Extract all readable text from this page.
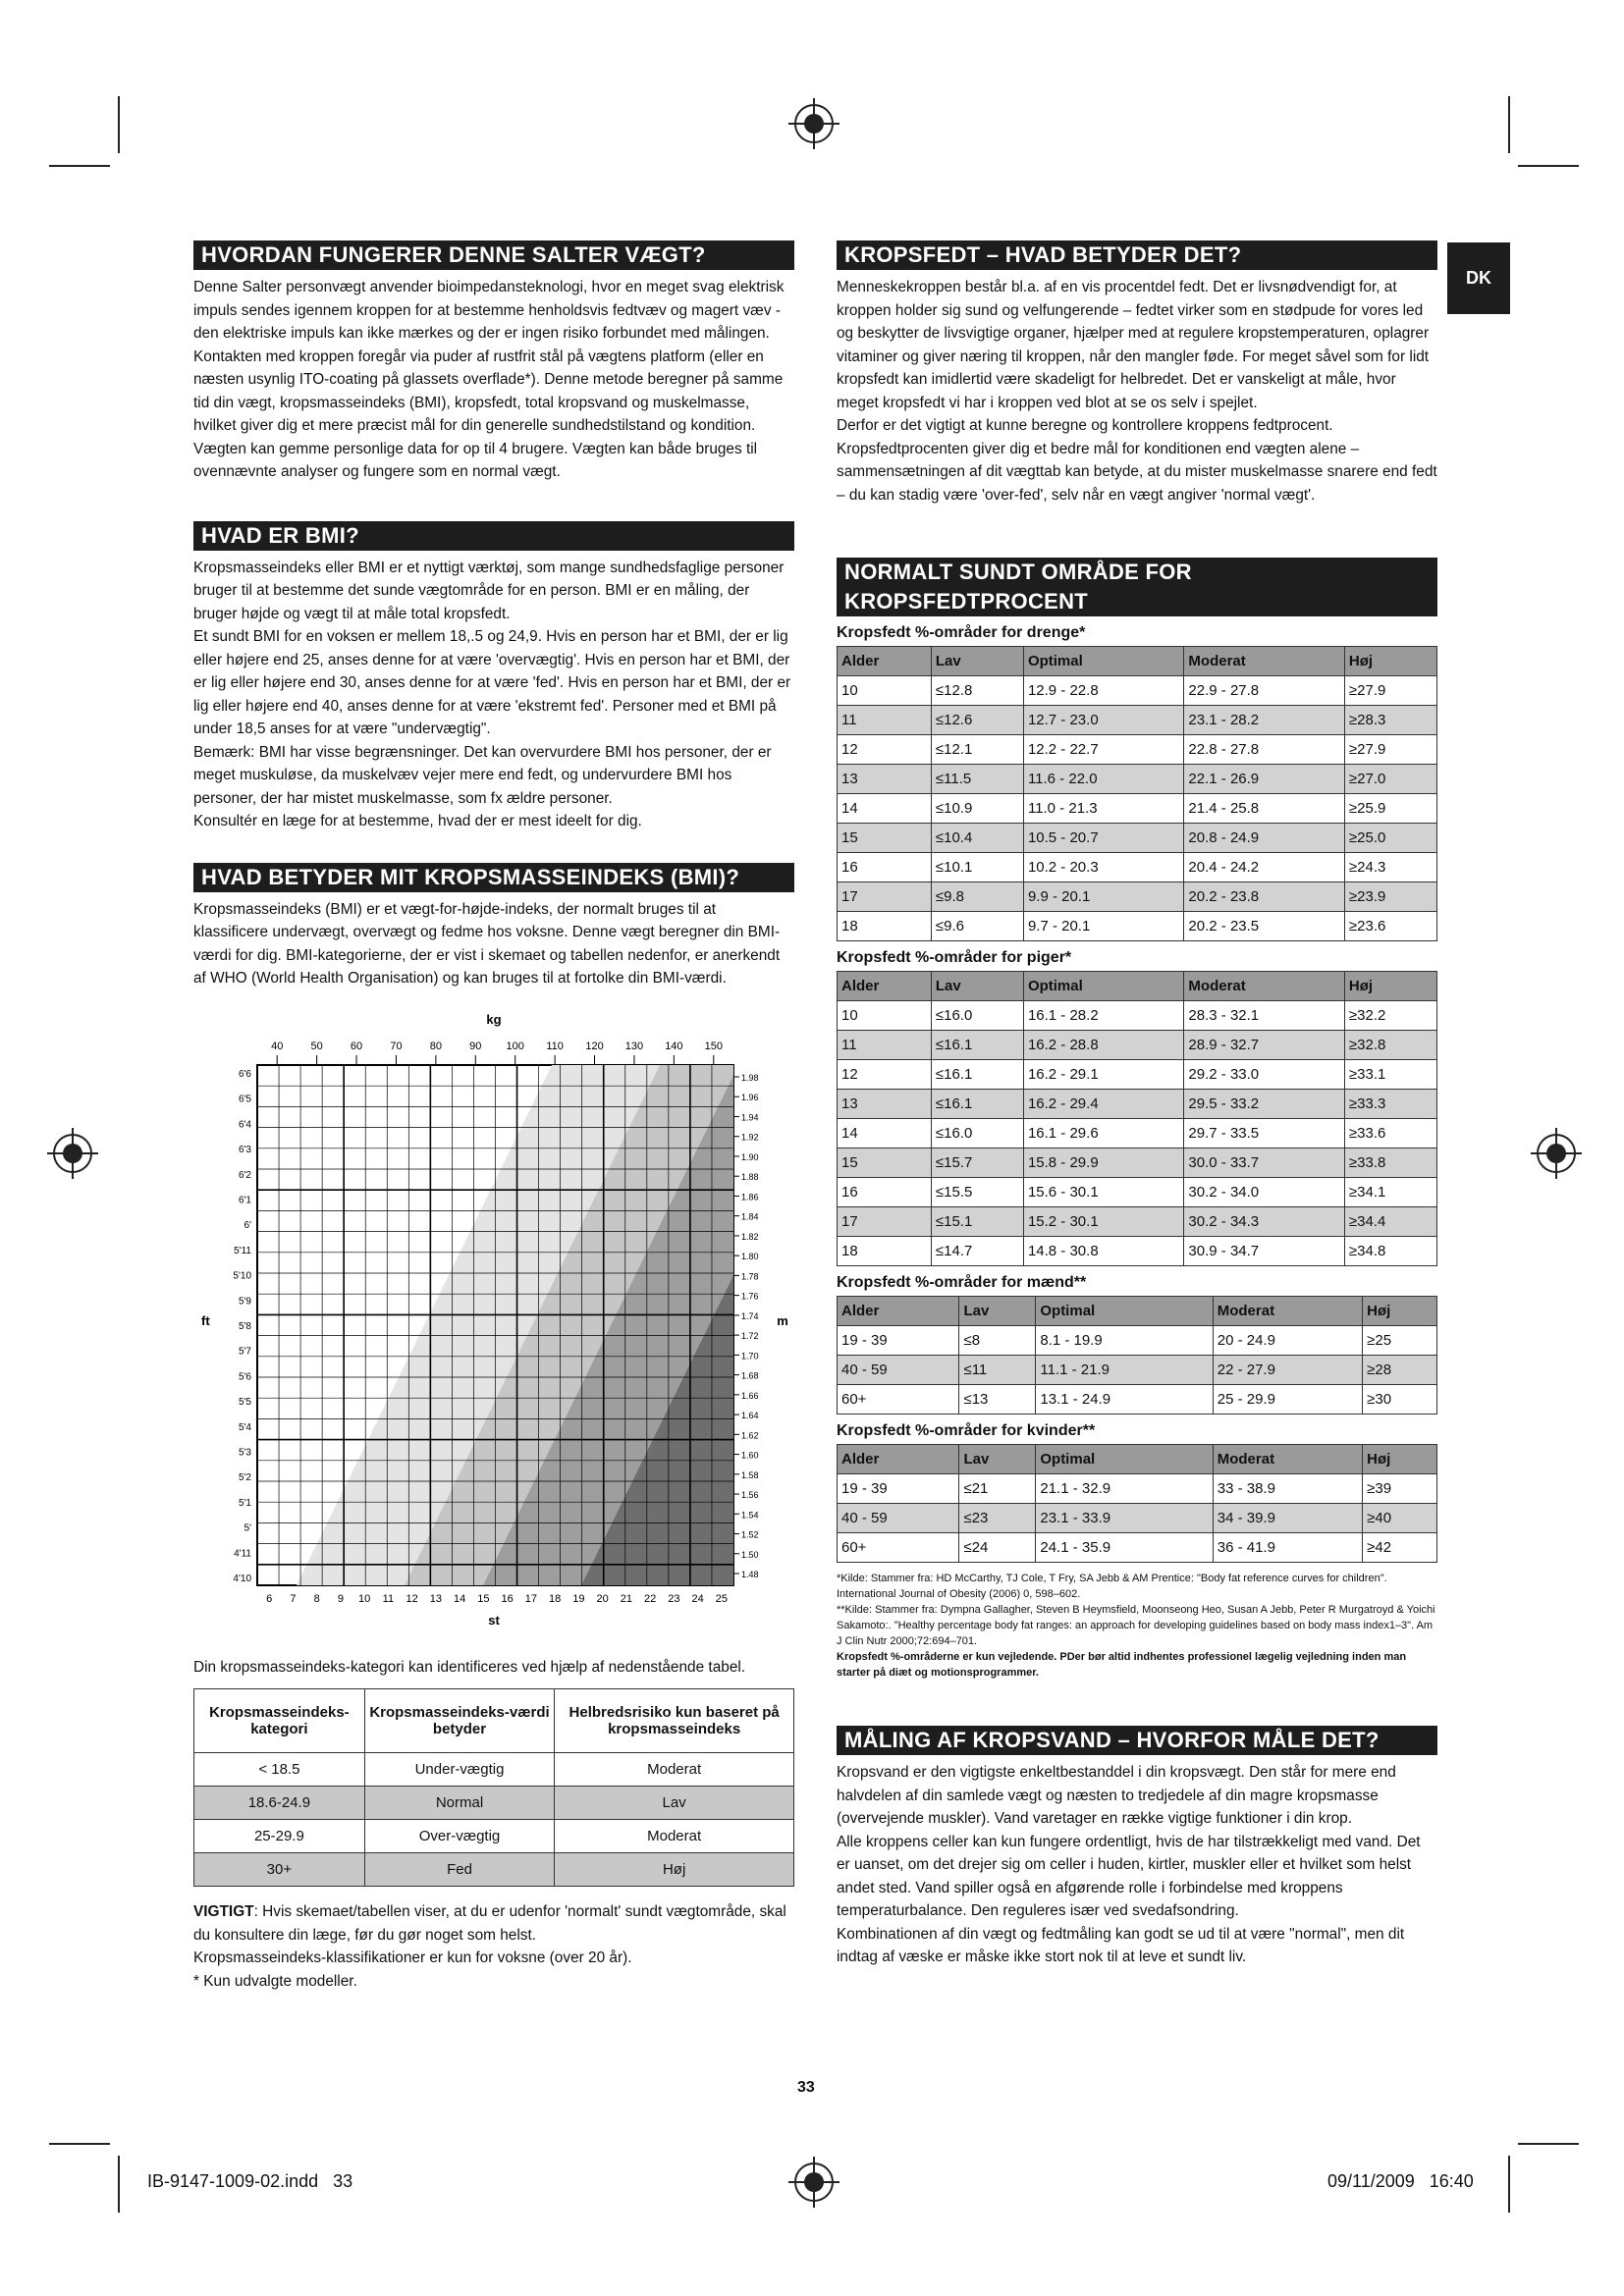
DK
HVORDAN FUNGERER DENNE SALTER VÆGT?

Denne Salter personvægt anvender bioimpedansteknologi, hvor en meget svag elektrisk impuls sendes igennem kroppen for at bestemme henholdsvis fedtvæv og magert væv - den elektriske impuls kan ikke mærkes og der er ingen risiko forbundet med målingen. Kontakten med kroppen foregår via puder af rustfrit stål på vægtens platform (eller en næsten usynlig ITO-coating på glassets overflade*). Denne metode beregner på samme tid din vægt, kropsmasseindeks (BMI), kropsfedt, total kropsvand og muskelmasse, hvilket giver dig et mere præcist mål for din generelle sundhedstilstand og kondition. Vægten kan gemme personlige data for op til 4 brugere. Vægten kan både bruges til ovennævnte analyser og fungere som en normal vægt.

HVAD ER BMI?

Kropsmasseindeks eller BMI er et nyttigt værktøj, som mange sundhedsfaglige personer bruger til at bestemme det sunde vægtområde for en person. BMI er en måling, der bruger højde og vægt til at måle total kropsfedt.

Et sundt BMI for en voksen er mellem 18,.5 og 24,9. Hvis en person har et BMI, der er lig eller højere end 25, anses denne for at være 'overvægtig'. Hvis en person har et BMI, der er lig eller højere end 30, anses denne for at være 'fed'. Hvis en person har et BMI, der er lig eller højere end 40, anses denne for at være 'ekstremt fed'. Personer med et BMI på under 18,5 anses for at være "undervægtig".

Bemærk: BMI har visse begrænsninger. Det kan overvurdere BMI hos personer, der er meget muskuløse, da muskelvæv vejer mere end fedt, og undervurdere BMI hos personer, der har mistet muskelmasse, som fx ældre personer.

Konsultér en læge for at bestemme, hvad der er mest ideelt for dig.

HVAD BETYDER MIT KROPSMASSEINDEKS (BMI)?

Kropsmasseindeks (BMI) er et vægt-for-højde-indeks, der normalt bruges til at klassificere undervægt, overvægt og fedme hos voksne. Denne vægt beregner din BMI-værdi for dig. BMI-kategorierne, der er vist i skemaet og tabellen nedenfor, er anerkendt af WHO (World Health Organisation) og kan bruges til at fortolke din BMI-værdi.

kg
40	50	60	70	80	90 100 110 120 130 140 150
6 7 8 9 10 11 12 13 14 15 16 17 18 19 20 21 22 23 24 25
st
6'6
6'5
6'4
6'3
6'2
6'1
6'
5'11
5'10
5'9
5'8
5'7
5'6
5'5
5'4
5'3
5'2
5'1
5'
4'11
4'10
ft
1.98
1.96
1.94
1.92
1.90
1.88
1.86
1.84
1.82
1.80
1.78
1.76
1.74
1.72
1.70
1.68
1.66
1.64
1.62
1.60
1.58
1.56
1.54
1.52
1.50
1.48
m

Din kropsmasseindeks-kategori kan identificeres ved hjælp af nedenstående tabel.

Kropsmasseindeks-kategori	Kropsmasseindeks-værdi betyder	Helbredsrisiko kun baseret på kropsmasseindeks
< 18.5	Under-vægtig	Moderat
18.6-24.9	Normal	Lav
25-29.9	Over-vægtig	Moderat
30+	Fed	Høj

VIGTIGT: Hvis skemaet/tabellen viser, at du er udenfor 'normalt' sundt vægtområde, skal du konsultere din læge, før du gør noget som helst.

Kropsmasseindeks-klassifikationer er kun for voksne (over 20 år).

* Kun udvalgte modeller.

KROPSFEDT – HVAD BETYDER DET?

Menneskekroppen består bl.a. af en vis procentdel fedt. Det er livsnødvendigt for, at kroppen holder sig sund og velfungerende – fedtet virker som en stødpude for vores led og beskytter de livsvigtige organer, hjælper med at regulere kropstemperaturen, oplagrer vitaminer og giver næring til kroppen, når den mangler føde. For meget såvel som for lidt kropsfedt kan imidlertid være skadeligt for helbredet. Det er vanskeligt at måle, hvor meget kropsfedt vi har i kroppen ved blot at se os selv i spejlet.

Derfor er det vigtigt at kunne beregne og kontrollere kroppens fedtprocent. Kropsfedtprocenten giver dig et bedre mål for konditionen end vægten alene – sammensætningen af dit vægttab kan betyde, at du mister muskelmasse snarere end fedt – du kan stadig være 'over-fed', selv når en vægt angiver 'normal vægt'.

NORMALT SUNDT OMRÅDE FOR KROPSFEDTPROCENT
Kropsfedt %-områder for drenge*
Alder	Lav	Optimal	Moderat	Høj
10	≤12.8	12.9 - 22.8	22.9 - 27.8	≥27.9
11	≤12.6	12.7 - 23.0	23.1 - 28.2	≥28.3
12	≤12.1	12.2 - 22.7	22.8 - 27.8	≥27.9
13	≤11.5	11.6 - 22.0	22.1 - 26.9	≥27.0
14	≤10.9	11.0 - 21.3	21.4 - 25.8	≥25.9
15	≤10.4	10.5 - 20.7	20.8 - 24.9	≥25.0
16	≤10.1	10.2 - 20.3	20.4 - 24.2	≥24.3
17	≤9.8	9.9 - 20.1	20.2 - 23.8	≥23.9
18	≤9.6	9.7 - 20.1	20.2 - 23.5	≥23.6
Kropsfedt %-områder for piger*
Alder	Lav	Optimal	Moderat	Høj
10	≤16.0	16.1 - 28.2	28.3 - 32.1	≥32.2
11	≤16.1	16.2 - 28.8	28.9 - 32.7	≥32.8
12	≤16.1	16.2 - 29.1	29.2 - 33.0	≥33.1
13	≤16.1	16.2 - 29.4	29.5 - 33.2	≥33.3
14	≤16.0	16.1 - 29.6	29.7 - 33.5	≥33.6
15	≤15.7	15.8 - 29.9	30.0 - 33.7	≥33.8
16	≤15.5	15.6 - 30.1	30.2 - 34.0	≥34.1
17	≤15.1	15.2 - 30.1	30.2 - 34.3	≥34.4
18	≤14.7	14.8 - 30.8	30.9 - 34.7	≥34.8
Kropsfedt %-områder for mænd**
Alder	Lav	Optimal	Moderat	Høj
19 - 39	≤8	8.1 - 19.9	20 - 24.9	≥25
40 - 59	≤11	11.1 - 21.9	22 - 27.9	≥28
60+	≤13	13.1 - 24.9	25 - 29.9	≥30
Kropsfedt %-områder for kvinder**
Alder	Lav	Optimal	Moderat	Høj
19 - 39	≤21	21.1 - 32.9	33 - 38.9	≥39
40 - 59	≤23	23.1 - 33.9	34 - 39.9	≥40
60+	≤24	24.1 - 35.9	36 - 41.9	≥42

*Kilde: Stammer fra: HD McCarthy, TJ Cole, T Fry, SA Jebb & AM Prentice: "Body fat reference curves for children". International Journal of Obesity (2006) 0, 598–602.

**Kilde: Stammer fra: Dympna Gallagher, Steven B Heymsfield, Moonseong Heo, Susan A Jebb, Peter R Murgatroyd & Yoichi Sakamoto:. "Healthy percentage body fat ranges: an approach for developing guidelines based on body mass index1–3". Am J Clin Nutr 2000;72:694–701.

Kropsfedt %-områderne er kun vejledende. PDer bør altid indhentes professionel lægelig vejledning inden man starter på diæt og motionsprogrammer.

MÅLING AF KROPSVAND – HVORFOR MÅLE DET?

Kropsvand er den vigtigste enkeltbestanddel i din kropsvægt. Den står for mere end halvdelen af din samlede vægt og næsten to tredjedele af din magre kropsmasse (overvejende muskler). Vand varetager en række vigtige funktioner i din krop.

Alle kroppens celler kan kun fungere ordentligt, hvis de har tilstrækkeligt med vand. Det er uanset, om det drejer sig om celler i huden, kirtler, muskler eller et hvilket som helst andet sted. Vand spiller også en afgørende rolle i forbindelse med kroppens temperaturbalance. Den reguleres især ved svedafsondring.

Kombinationen af din vægt og fedtmåling kan godt se ud til at være "normal", men dit indtag af væske er måske ikke stort nok til at leve et sundt liv.

33
IB-9147-1009-02.indd   33	09/11/2009   16:40
